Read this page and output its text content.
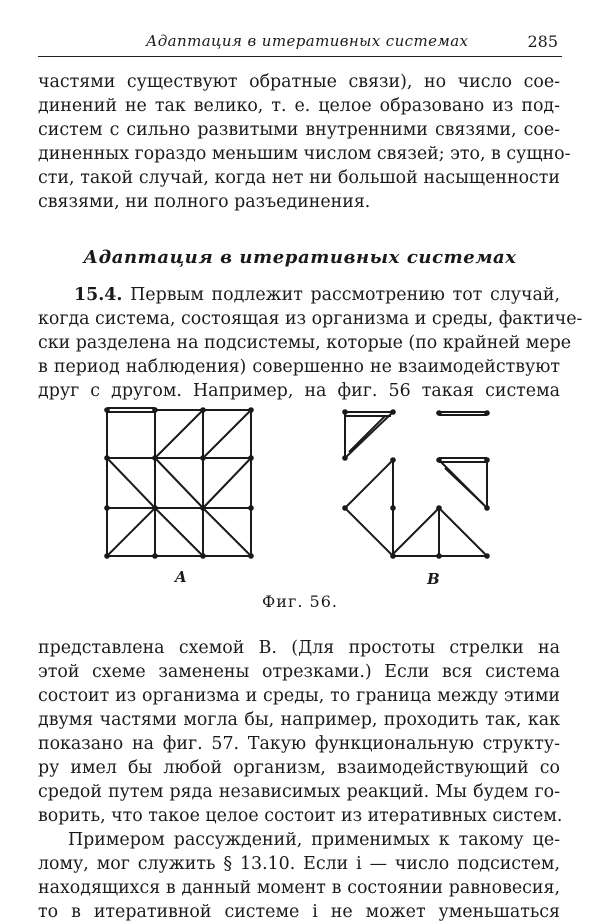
Адаптация в итеративных системах	285
частями существуют обратные связи), но число сое-
динений не так велико, т. е. целое образовано из под-
систем с сильно развитыми внутренними связями, сое-
диненных гораздо меньшим числом связей; это, в сущно-
сти, такой случай, когда нет ни большой насыщенности
связями, ни полного разъединения.
Адаптация в итеративных системах
15.4. Первым подлежит рассмотрению тот случай,
когда система, состоящая из организма и среды, фактиче-
ски разделена на подсистемы, которые (по крайней мере
в период наблюдения) совершенно не взаимодействуют
друг с другом. Например, на фиг. 56 такая система
A	B
Фиг. 56.
представлена схемой B. (Для простоты стрелки на
этой схеме заменены отрезками.) Если вся система
состоит из организма и среды, то граница между этими
двумя частями могла бы, например, проходить так, как
показано на фиг. 57. Такую функциональную структу-
ру имел бы любой организм, взаимодействующий со
средой путем ряда независимых реакций. Мы будем го-
ворить, что такое целое состоит из итеративных систем.
Примером рассуждений, применимых к такому це-
лому, мог служить § 13.10. Если i — число подсистем,
находящихся в данный момент в состоянии равновесия,
то в итеративной системе i не может уменьшаться
